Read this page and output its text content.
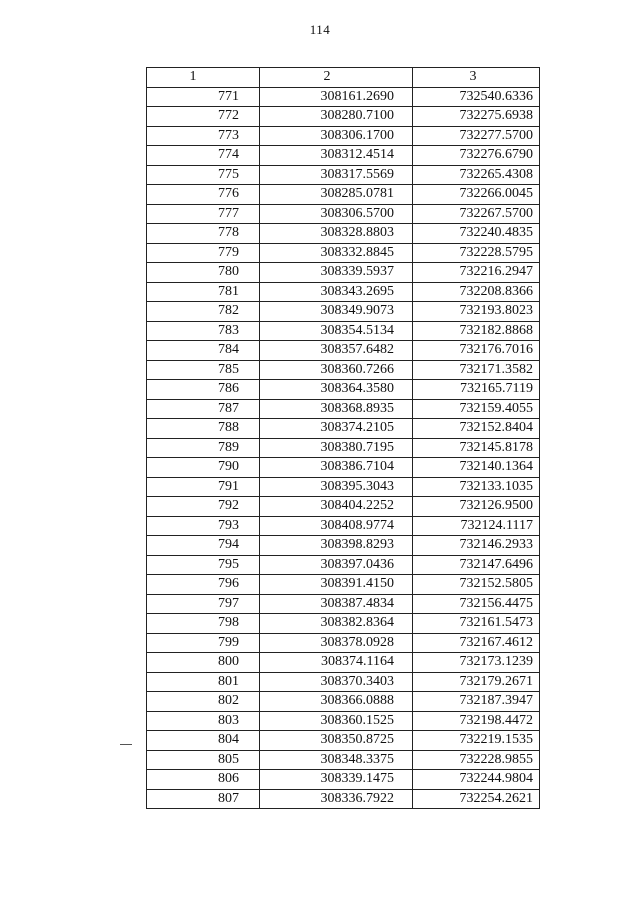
114
1	2	3
771	308161.2690	732540.6336
772	308280.7100	732275.6938
773	308306.1700	732277.5700
774	308312.4514	732276.6790
775	308317.5569	732265.4308
776	308285.0781	732266.0045
777	308306.5700	732267.5700
778	308328.8803	732240.4835
779	308332.8845	732228.5795
780	308339.5937	732216.2947
781	308343.2695	732208.8366
782	308349.9073	732193.8023
783	308354.5134	732182.8868
784	308357.6482	732176.7016
785	308360.7266	732171.3582
786	308364.3580	732165.7119
787	308368.8935	732159.4055
788	308374.2105	732152.8404
789	308380.7195	732145.8178
790	308386.7104	732140.1364
791	308395.3043	732133.1035
792	308404.2252	732126.9500
793	308408.9774	732124.1117
794	308398.8293	732146.2933
795	308397.0436	732147.6496
796	308391.4150	732152.5805
797	308387.4834	732156.4475
798	308382.8364	732161.5473
799	308378.0928	732167.4612
800	308374.1164	732173.1239
801	308370.3403	732179.2671
802	308366.0888	732187.3947
803	308360.1525	732198.4472
804	308350.8725	732219.1535
805	308348.3375	732228.9855
806	308339.1475	732244.9804
807	308336.7922	732254.2621
